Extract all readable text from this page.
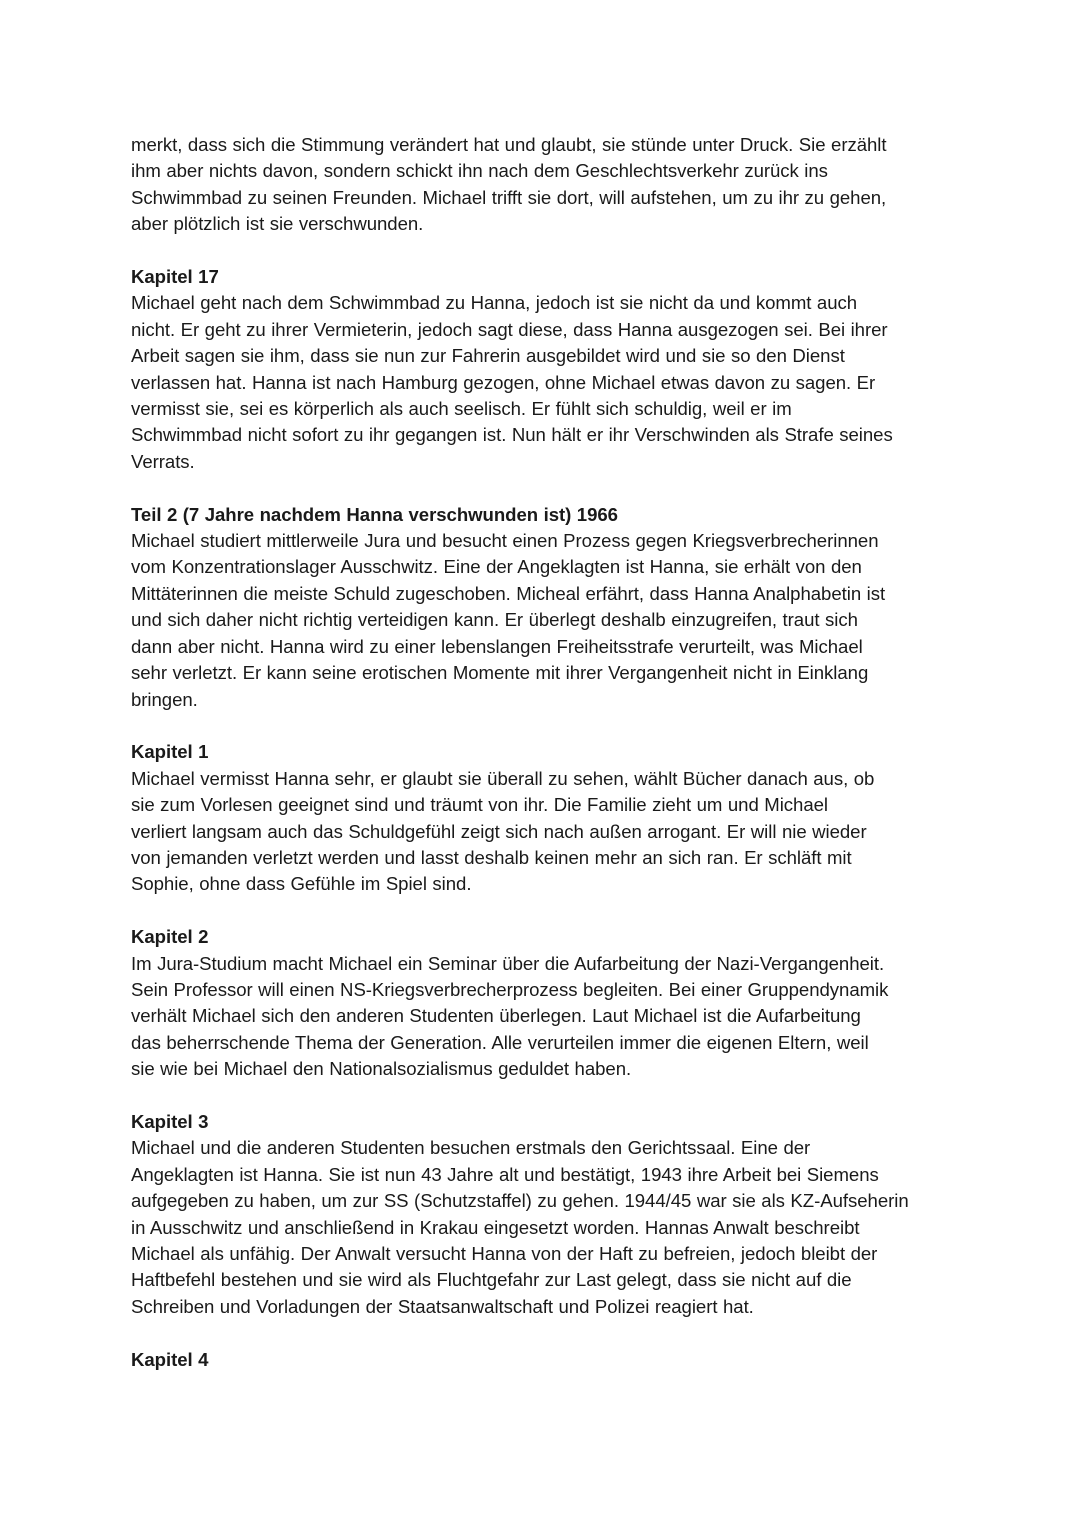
merkt, dass sich die Stimmung verändert hat und glaubt, sie stünde unter Druck. Sie erzählt
ihm aber nichts davon, sondern schickt ihn nach dem Geschlechtsverkehr zurück ins
Schwimmbad zu seinen Freunden. Michael trifft sie dort, will aufstehen, um zu ihr zu gehen,
aber plötzlich ist sie verschwunden.
Kapitel 17
Michael geht nach dem Schwimmbad zu Hanna, jedoch ist sie nicht da und kommt auch
nicht. Er geht zu ihrer Vermieterin, jedoch sagt diese, dass Hanna ausgezogen sei. Bei ihrer
Arbeit sagen sie ihm, dass sie nun zur Fahrerin ausgebildet wird und sie so den Dienst
verlassen hat. Hanna ist nach Hamburg gezogen, ohne Michael etwas davon zu sagen. Er
vermisst sie, sei es körperlich als auch seelisch. Er fühlt sich schuldig, weil er im
Schwimmbad nicht sofort zu ihr gegangen ist. Nun hält er ihr Verschwinden als Strafe seines
Verrats.
Teil 2 (7 Jahre nachdem Hanna verschwunden ist) 1966
Michael studiert mittlerweile Jura und besucht einen Prozess gegen Kriegsverbrecherinnen
vom Konzentrationslager Ausschwitz. Eine der Angeklagten ist Hanna, sie erhält von den
Mittäterinnen die meiste Schuld zugeschoben. Micheal erfährt, dass Hanna Analphabetin ist
und sich daher nicht richtig verteidigen kann. Er überlegt deshalb einzugreifen, traut sich
dann aber nicht. Hanna wird zu einer lebenslangen Freiheitsstrafe verurteilt, was Michael
sehr verletzt. Er kann seine erotischen Momente mit ihrer Vergangenheit nicht in Einklang
bringen.
Kapitel 1
Michael vermisst Hanna sehr, er glaubt sie überall zu sehen, wählt Bücher danach aus, ob
sie zum Vorlesen geeignet sind und träumt von ihr. Die Familie zieht um und Michael
verliert langsam auch das Schuldgefühl zeigt sich nach außen arrogant. Er will nie wieder
von jemanden verletzt werden und lasst deshalb keinen mehr an sich ran. Er schläft mit
Sophie, ohne dass Gefühle im Spiel sind.
Kapitel 2
Im Jura-Studium macht Michael ein Seminar über die Aufarbeitung der Nazi-Vergangenheit.
Sein Professor will einen NS-Kriegsverbrecherprozess begleiten. Bei einer Gruppendynamik
verhält Michael sich den anderen Studenten überlegen. Laut Michael ist die Aufarbeitung
das beherrschende Thema der Generation. Alle verurteilen immer die eigenen Eltern, weil
sie wie bei Michael den Nationalsozialismus geduldet haben.
Kapitel 3
Michael und die anderen Studenten besuchen erstmals den Gerichtssaal. Eine der
Angeklagten ist Hanna. Sie ist nun 43 Jahre alt und bestätigt, 1943 ihre Arbeit bei Siemens
aufgegeben zu haben, um zur SS (Schutzstaffel) zu gehen. 1944/45 war sie als KZ-Aufseherin
in Ausschwitz und anschließend in Krakau eingesetzt worden. Hannas Anwalt beschreibt
Michael als unfähig. Der Anwalt versucht Hanna von der Haft zu befreien, jedoch bleibt der
Haftbefehl bestehen und sie wird als Fluchtgefahr zur Last gelegt, dass sie nicht auf die
Schreiben und Vorladungen der Staatsanwaltschaft und Polizei reagiert hat.
Kapitel 4
